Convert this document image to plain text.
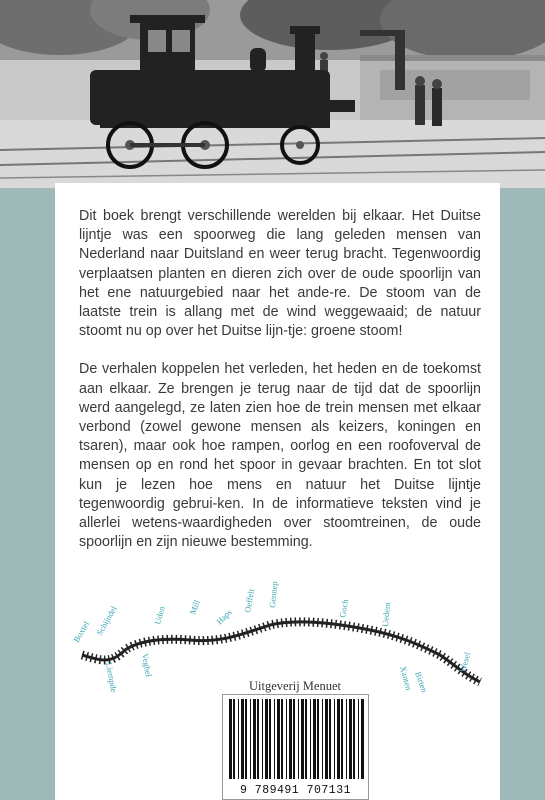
Dit boek brengt verschillende werelden bij elkaar. Het Duitse lijntje was een spoorweg die lang geleden mensen van Nederland naar Duitsland en weer terug bracht. Tegenwoordig verplaatsen planten en dieren zich over de oude spoorlijn van het ene natuurgebied naar het ande-re. De stoom van de laatste trein is allang met de wind weggewaaid; de natuur stoomt nu op over het Duitse lijn-tje: groene stoom!

De verhalen koppelen het verleden, het heden en de toekomst aan elkaar. Ze brengen je terug naar de tijd dat de spoorlijn werd aangelegd, ze laten zien hoe de trein mensen met elkaar verbond (zowel gewone mensen als keizers, koningen en tsaren), maar ook hoe rampen, oorlog en een roofoverval de mensen op en rond het spoor in gevaar brachten. En tot slot kun je lezen hoe mens en natuur het Duitse lijntje tegenwoordig gebrui-ken. In de informatieve teksten vind je allerlei wetens-waardigheden over stoomtreinen, de oude spoorlijn en zijn nieuwe bestemming.

Boxtel Schijndel	Uden Mill Haps
Oeffelt Gennep
Goch	Uedem
Wesel
Liempde Veghel	Xanten Birten
Uitgeverij Menuet
9 789491 707131
